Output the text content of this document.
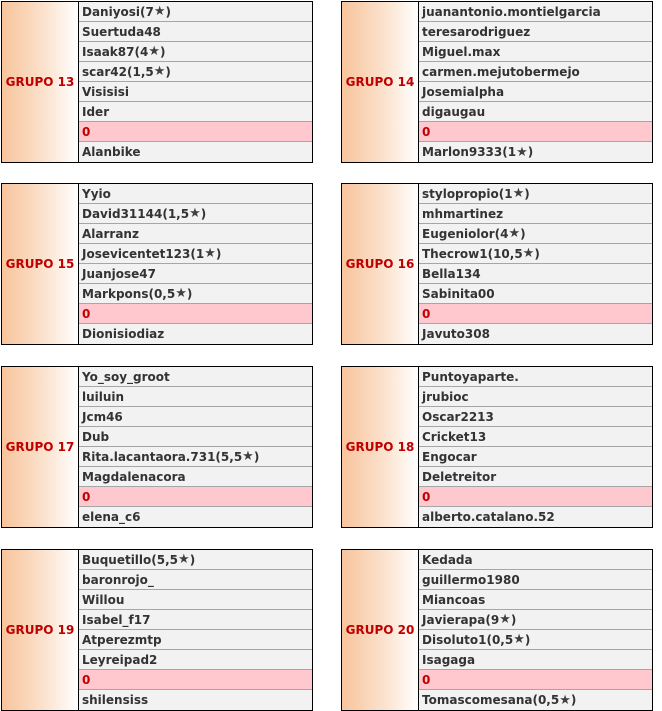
GRUPO 13
Daniyosi ( 7 ★ )
Suertuda48
Isaak87 ( 4 ★ )
scar42 ( 1,5 ★ )
Visisisi
Ider
0
Alanbike
GRUPO 14
juanantonio.montielgarcia
teresarodriguez
Miguel.max
carmen.mejutobermejo
Josemialpha
digaugau
0
Marlon9333 ( 1 ★ )
GRUPO 15
Yyio
David31144 ( 1,5 ★ )
Alarranz
Josevicentet123 ( 1 ★ )
Juanjose47
Markpons ( 0,5 ★ )
0
Dionisiodiaz
GRUPO 16
stylopropio ( 1 ★ )
mhmartinez
Eugeniolor ( 4 ★ )
Thecrow1 ( 10,5 ★ )
Bella134
Sabinita00
0
Javuto308
GRUPO 17
Yo_soy_groot
luiluin
Jcm46
Dub
Rita.lacantaora.731 ( 5,5 ★ )
Magdalenacora
0
elena_c6
GRUPO 18
Puntoyaparte.
jrubioc
Oscar2213
Cricket13
Engocar
Deletreitor
0
alberto.catalano.52
GRUPO 19
Buquetillo ( 5,5 ★ )
baronrojo_
Willou
Isabel_f17
Atperezmtp
Leyreipad2
0
shilensiss
GRUPO 20
Kedada
guillermo1980
Miancoas
Javierapa ( 9 ★ )
Disoluto1 ( 0,5 ★ )
Isagaga
0
Tomascomesana ( 0,5 ★ )
